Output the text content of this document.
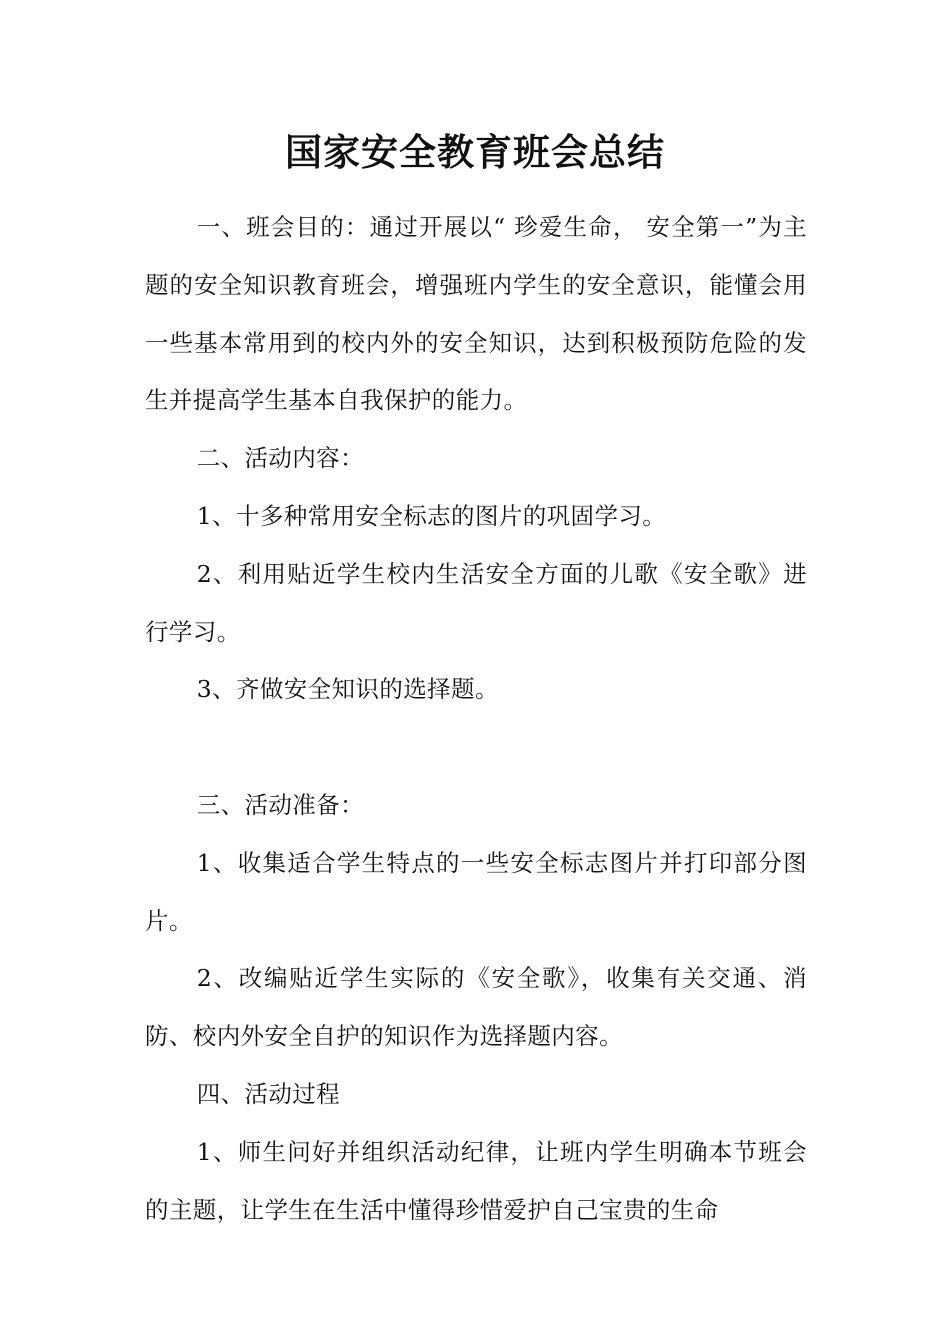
国家安全教育班会总结

一、班会目的：通过开展以“ 珍爱生命， 安全第一”为主题的安全知识教育班会，增强班内学生的安全意识，能懂会用一些基本常用到的校内外的安全知识，达到积极预防危险的发生并提高学生基本自我保护的能力。

二、活动内容：

1、十多种常用安全标志的图片的巩固学习。

2、利用贴近学生校内生活安全方面的儿歌《安全歌》进行学习。

3、齐做安全知识的选择题。

三、活动准备：

1、收集适合学生特点的一些安全标志图片并打印部分图片。

2、改编贴近学生实际的《安全歌》，收集有关交通、消防、校内外安全自护的知识作为选择题内容。

四、活动过程

1、师生问好并组织活动纪律，让班内学生明确本节班会的主题，让学生在生活中懂得珍惜爱护自己宝贵的生命
